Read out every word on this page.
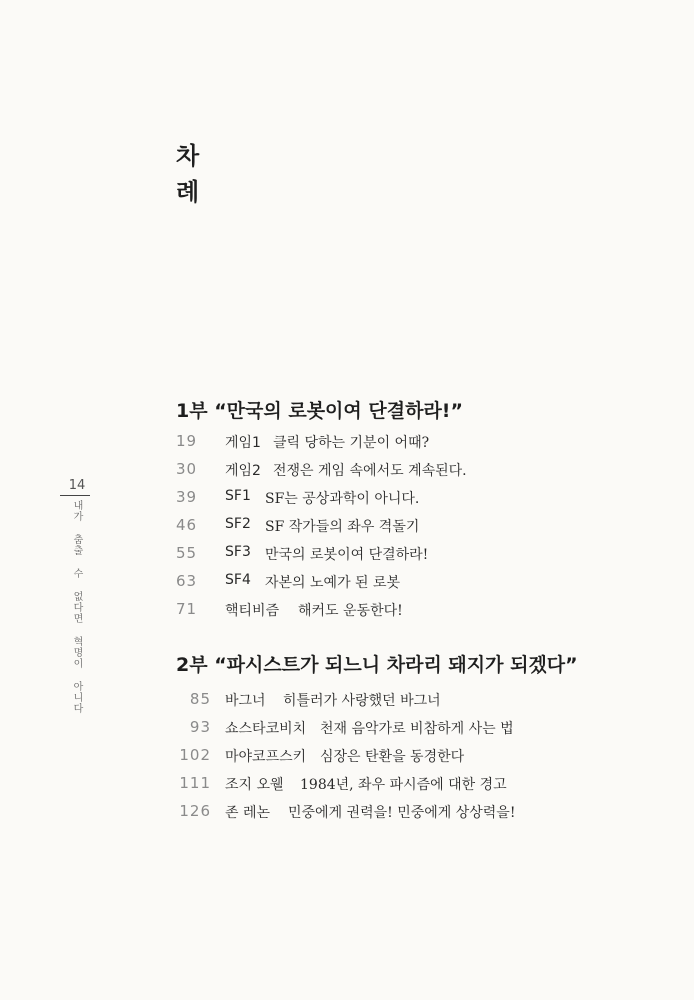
차
례
14
내가 춤출 수 없다면 혁명이 아니다
1부 “만국의 로봇이여 단결하라!”
19	게임1 클릭 당하는 기분이 어때?
30	게임2 전쟁은 게임 속에서도 계속된다.
39	SF1 SF는 공상과학이 아니다.
46	SF2 SF 작가들의 좌우 격돌기
55	SF3 만국의 로봇이여 단결하라!
63	SF4 자본의 노예가 된 로봇
71	핵티비즘 해커도 운동한다!
2부 “파시스트가 되느니 차라리 돼지가 되겠다”
85 바그너 히틀러가 사랑했던 바그너
93 쇼스타코비치 천재 음악가로 비참하게 사는 법
102 마야코프스키 심장은 탄환을 동경한다
111 조지 오웰 1984년, 좌우 파시즘에 대한 경고
126 존 레논 민중에게 권력을! 민중에게 상상력을!
